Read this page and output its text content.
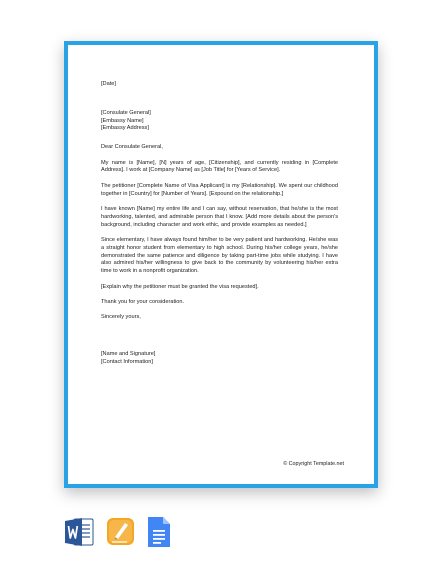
[Date]

[Consulate General]

[Embassy Name]

[Embassy Address]

Dear Consulate General,

My name is [Name], [N] years of age, [Citizenship], and currently residing in [Complete Address]. I work at [Company Name] as [Job Title] for [Years of Service].

The petitioner [Complete Name of Visa Applicant] is my [Relationship]. We spent our childhood together in [Country] for [Number of Years]. [Expound on the relationship.]

I have known [Name] my entire life and I can say, without reservation, that he/she is the most hardworking, talented, and admirable person that I know. [Add more details about the person's background, including character and work ethic, and provide examples as needed.]

Since elementary, I have always found him/her to be very patient and hardworking. He/she was a straight honor student from elementary to high school. During his/her college years, he/she demonstrated the same patience and diligence by taking part-time jobs while studying. I have also admired his/her willingness to give back to the community by volunteering his/her extra time to work in a nonprofit organization.

[Explain why the petitioner must be granted the visa requested].

Thank you for your consideration.

Sincerely yours,

[Name and Signature]

[Contact Information]

© Copyright Template.net
